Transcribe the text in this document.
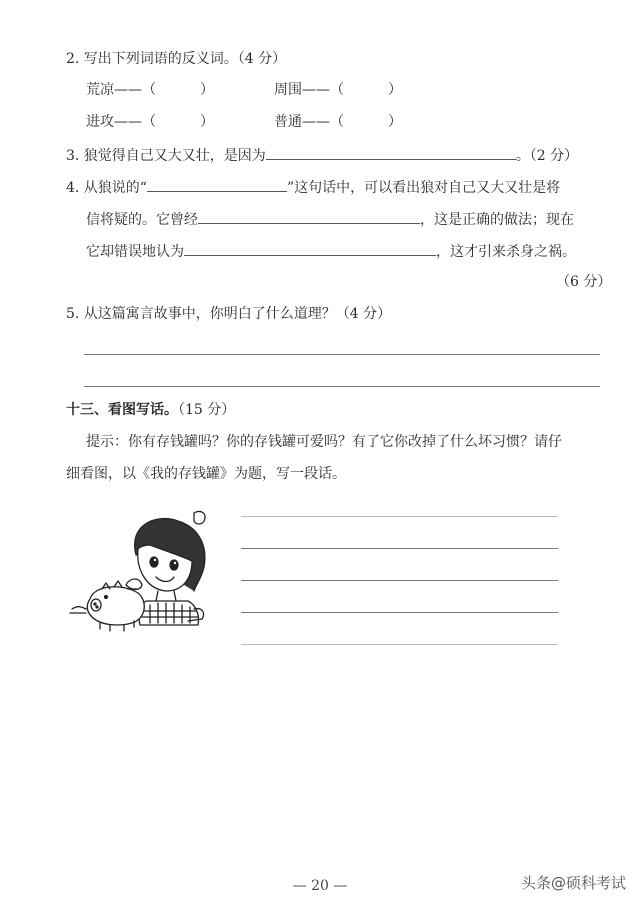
2. 写出下列词语的反义词。（4 分）
荒凉——（	）	周围——（	）
进攻——（	）	普通——（	）
3. 狼觉得自己又大又壮，是因为	。（2 分）
4. 从狼说的“	”这句话中，可以看出狼对自己又大又壮是将
信将疑的。它曾经	，这是正确的做法；现在
它却错误地认为	，这才引来杀身之祸。
（6 分）
5. 从这篇寓言故事中，你明白了什么道理？（4 分）
十三、看图写话。（15 分）
提示：你有存钱罐吗？你的存钱罐可爱吗？有了它你改掉了什么坏习惯？请仔
细看图，以《我的存钱罐》为题，写一段话。
— 20 —	头条@硕科考试
